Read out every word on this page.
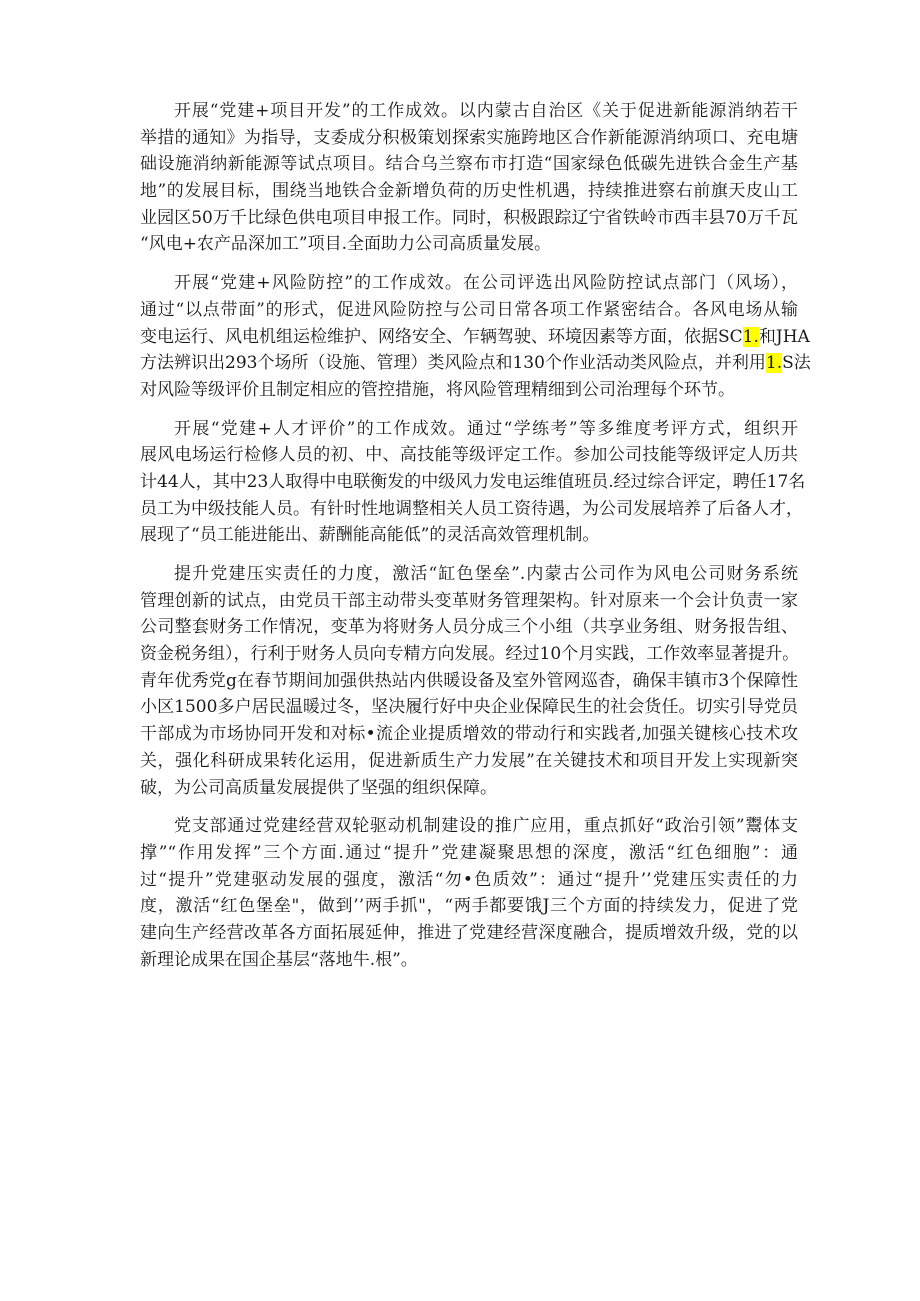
开展“党建+项目开发”的工作成效。以内蒙古自治区《关于促进新能源消纳若干
举措的通知》为指导，支委成分积极策划探索实施跨地区合作新能源消纳项口、充电塘
础设施消纳新能源等试点项目。结合乌兰察布市打造“国家绿色低碳先进铁合金生产基
地”的发展目标，围绕当地铁合金新增负荷的历史性机遇，持续推进察右前旗天皮山工
业园区50万千比绿色供电项目申报工作。同时，积极跟踪辽宁省铁岭市西丰县70万千瓦
“风电+农产品深加工”项目.全面助力公司高质量发展。
开展“党建+风险防控”的工作成效。在公司评选出风险防控试点部门（风场），
通过“以点带面”的形式，促进风险防控与公司日常各项工作紧密结合。各风电场从输
变电运行、风电机组运检维护、网络安全、乍辆驾驶、环境因素等方面，依据SC1.和JHA
方法辨识出293个场所（设施、管理）类风险点和130个作业活动类风险点，并利用1.S法
对风险等级评价且制定相应的管控措施，将风险管理精细到公司治理每个环节。
开展“党建+人才评价”的工作成效。通过“学练考”等多维度考评方式，组织开
展风电场运行检修人员的初、中、高技能等级评定工作。参加公司技能等级评定人历共
计44人，其中23人取得中电联衡发的中级风力发电运维值班员.经过综合评定，聘任17名
员工为中级技能人员。有针时性地调整相关人员工资待遇，为公司发展培养了后备人才，
展现了“员工能进能出、薪酬能高能低”的灵活高效管理机制。
提升党建压实责任的力度，激活“缸色堡垒”.内蒙古公司作为风电公司财务系统
管理创新的试点，由党员干部主动带头变革财务管理架构。针对原来一个会计负责一家
公司整套财务工作情况，变革为将财务人员分成三个小组（共享业务组、财务报告组、
资金税务组），行利于财务人员向专精方向发展。经过10个月实践，工作效率显著提升。
青年优秀党g在春节期间加强供热站内供暖设备及室外管网巡杳，确保丰镇市3个保障性
小区1500多户居民温暖过冬，坚决履行好中央企业保障民生的社会货任。切实引导党员
干部成为市场协同开发和对标•流企业提质增效的带动行和实践者,加强关键核心技术攻
关，强化科研成果转化运用，促进新质生产力发展”在关键技术和项目开发上实现新突
破，为公司高质量发展提供了坚强的组织保障。
党支部通过党建经营双轮驱动机制建设的推广应用，重点抓好“政治引领”鬻体支
撑”“作用发挥”三个方面.通过“提升”党建凝聚思想的深度，激活“红色细胞”：通
过“提升”党建驱动发展的强度，激活“勿•色质效”：通过“提升’’党建压实责任的力
度，激活“红色堡垒"，做到’’两手抓"，“两手都要饿J三个方面的持续发力，促进了党
建向生产经营改革各方面拓展延伸，推进了党建经营深度融合，提质增效升级，党的以
新理论成果在国企基层“落地牛.根”。
